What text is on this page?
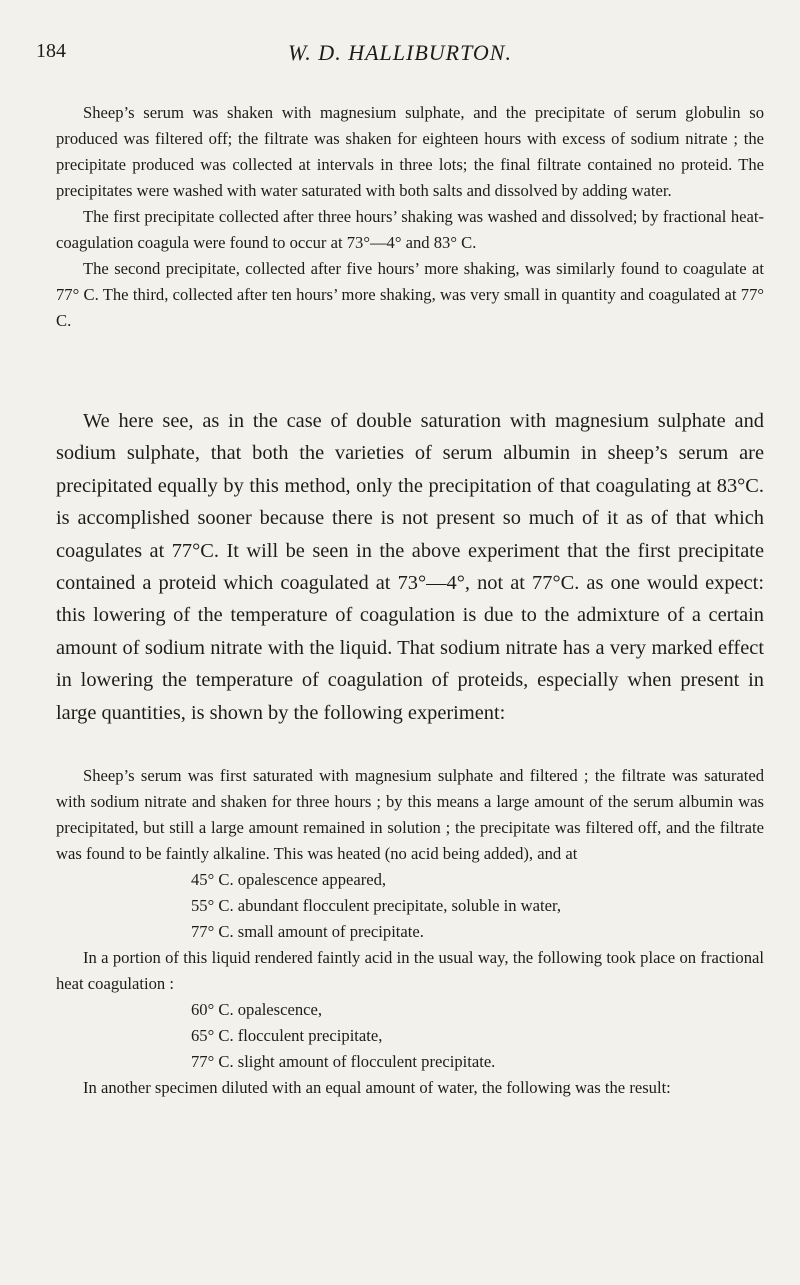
184	W. D. HALLIBURTON.

Sheep’s serum was shaken with magnesium sulphate, and the precipitate of serum globulin so produced was filtered off; the filtrate was shaken for eighteen hours with excess of sodium nitrate ; the precipitate produced was collected at intervals in three lots; the final filtrate contained no proteid. The precipitates were washed with water saturated with both salts and dissolved by adding water.

The first precipitate collected after three hours’ shaking was washed and dissolved; by fractional heat-coagulation coagula were found to occur at 73°—4° and 83° C.

The second precipitate, collected after five hours’ more shaking, was similarly found to coagulate at 77° C. The third, collected after ten hours’ more shaking, was very small in quantity and coagulated at 77° C.

We here see, as in the case of double saturation with magnesium sulphate and sodium sulphate, that both the varieties of serum albumin in sheep’s serum are precipitated equally by this method, only the precipitation of that coagulating at 83°C. is accomplished sooner because there is not present so much of it as of that which coagulates at 77°C. It will be seen in the above experiment that the first precipitate contained a proteid which coagulated at 73°—4°, not at 77°C. as one would expect: this lowering of the temperature of coagulation is due to the admixture of a certain amount of sodium nitrate with the liquid. That sodium nitrate has a very marked effect in lowering the temperature of coagulation of proteids, especially when present in large quantities, is shown by the following experiment:

Sheep’s serum was first saturated with magnesium sulphate and filtered ; the filtrate was saturated with sodium nitrate and shaken for three hours ; by this means a large amount of the serum albumin was precipitated, but still a large amount remained in solution ; the precipitate was filtered off, and the filtrate was found to be faintly alkaline. This was heated (no acid being added), and at

45° C. opalescence appeared,
55° C. abundant flocculent precipitate, soluble in water,
77° C. small amount of precipitate.

In a portion of this liquid rendered faintly acid in the usual way, the following took place on fractional heat coagulation :

60° C. opalescence,
65° C. flocculent precipitate,
77° C. slight amount of flocculent precipitate.

In another specimen diluted with an equal amount of water, the following was the result:
